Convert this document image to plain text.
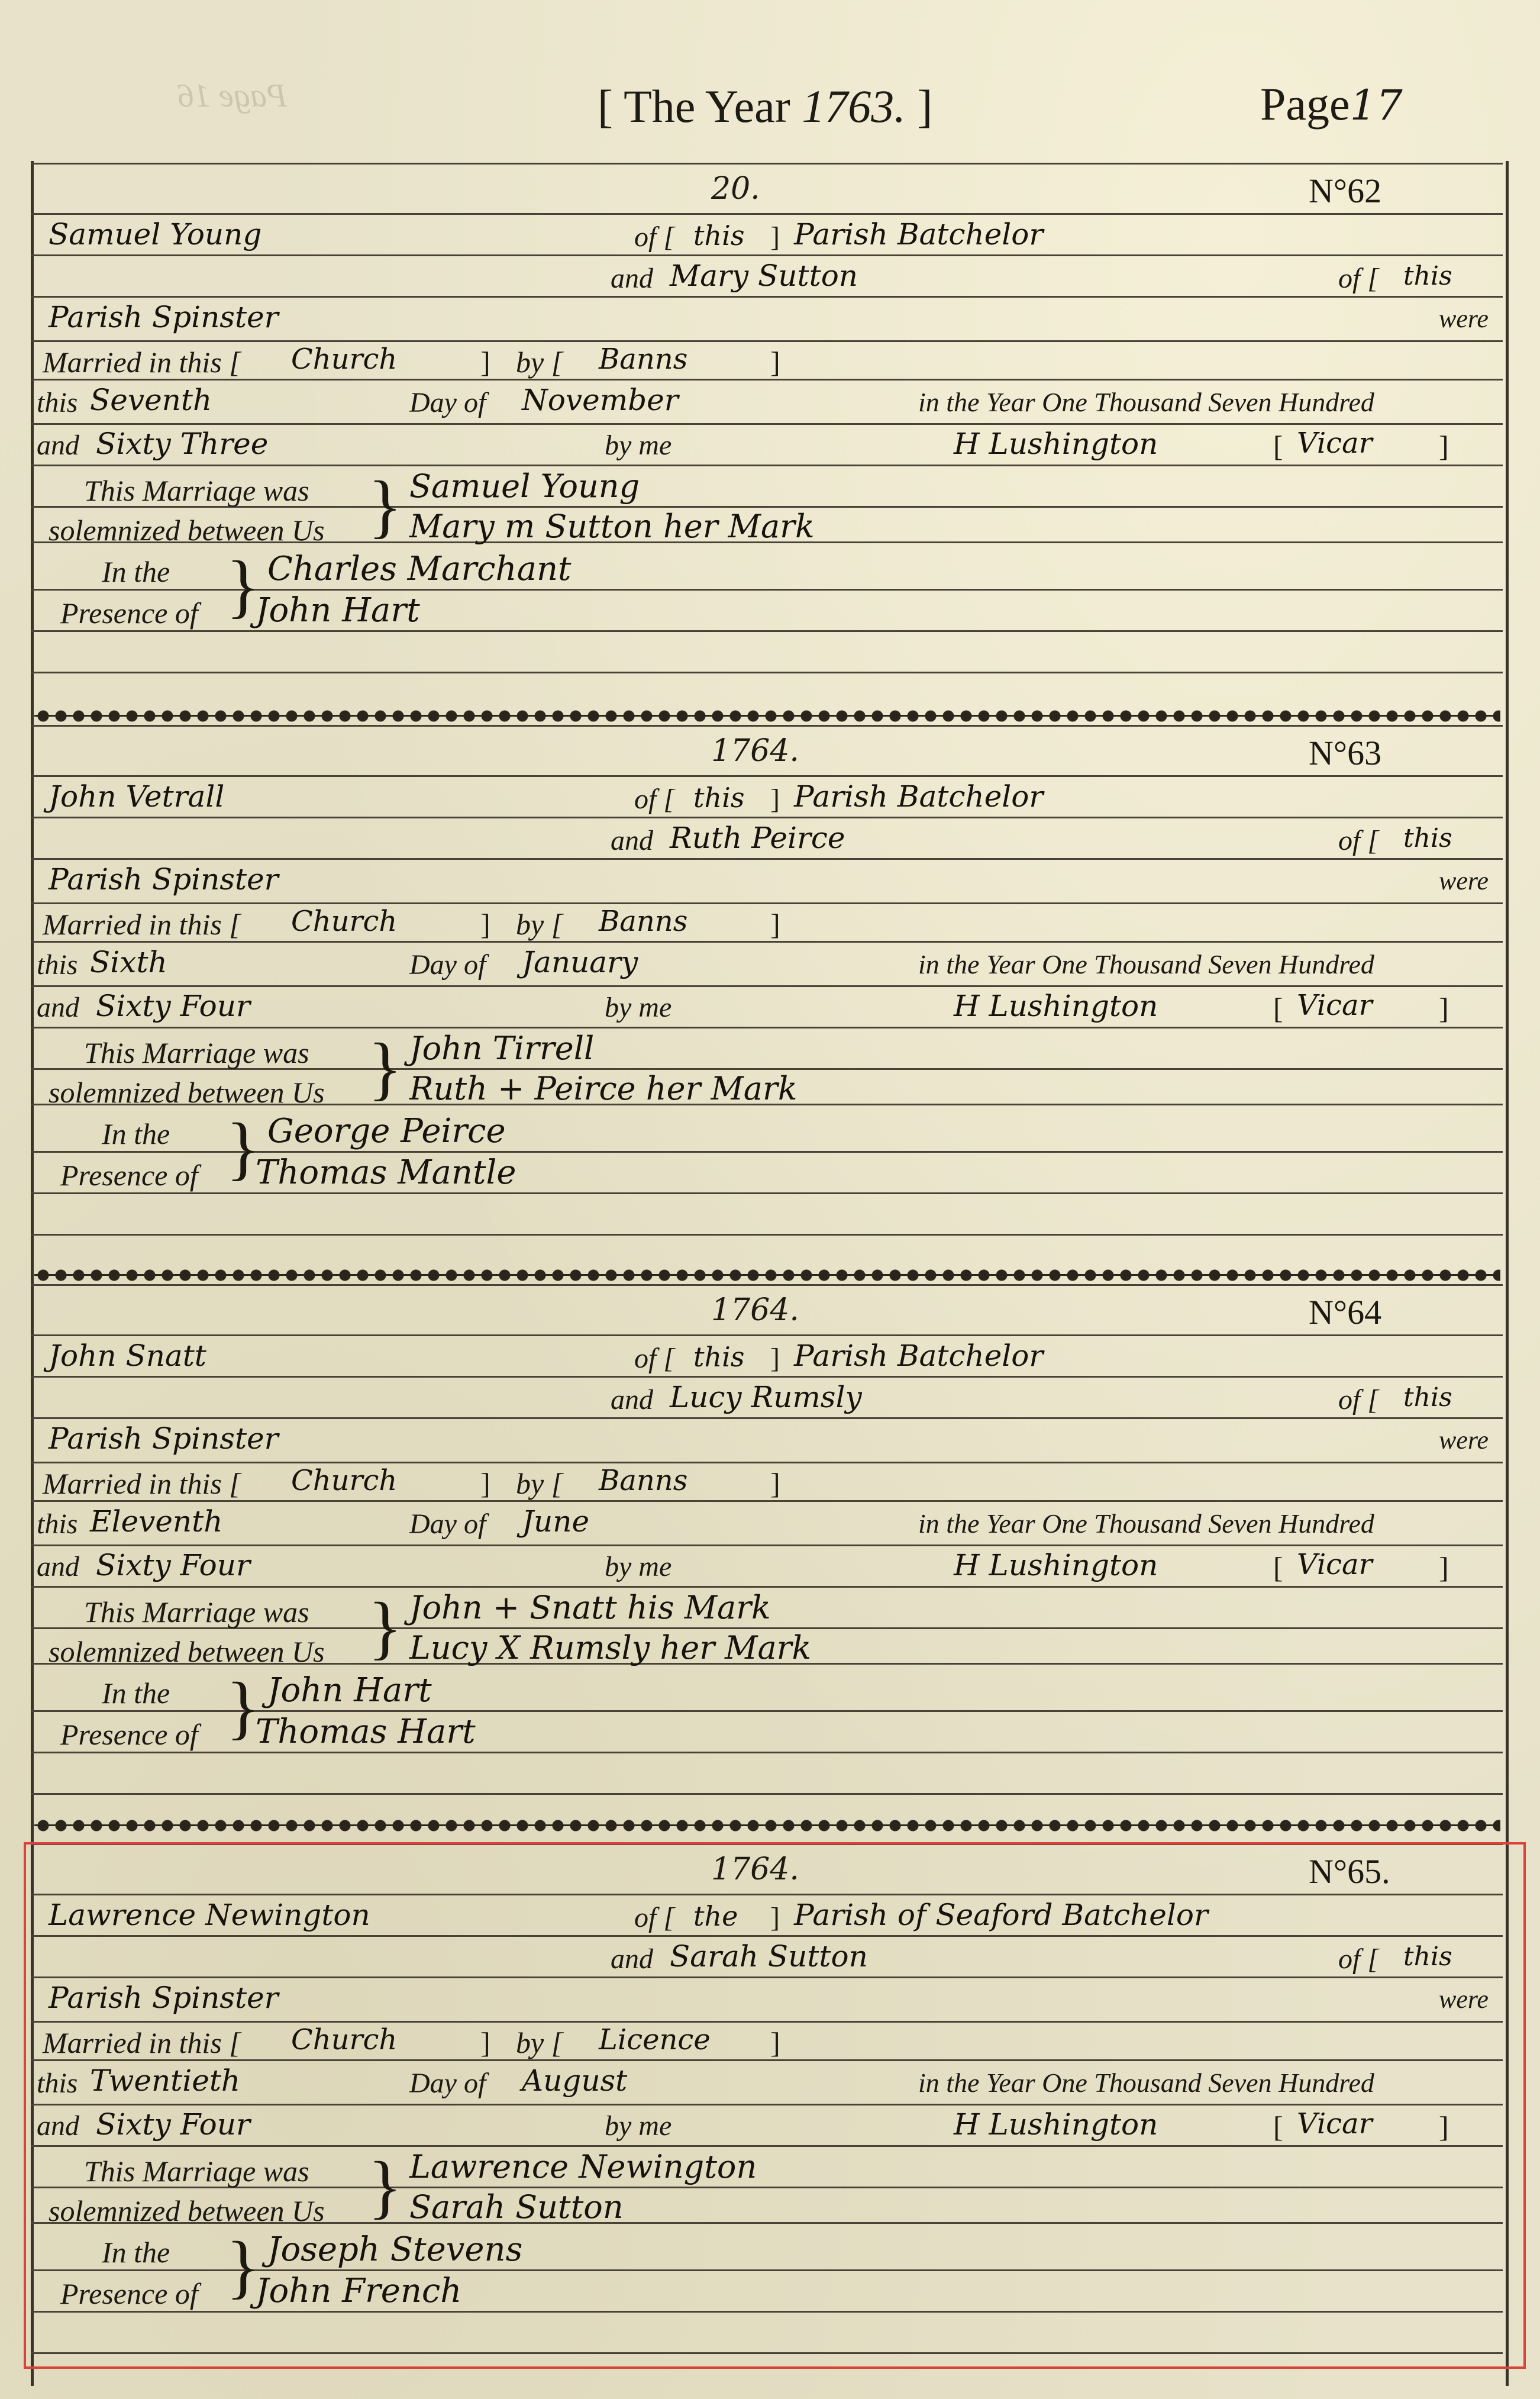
Page 16	[ The Year 1763. ]	Page17
20.	N°62
Samuel Young	of [ this ] Parish Batchelor
and Mary Sutton	of [ this
Parish Spinster	were
Married in this [ Church	] by [ Banns	]
this Seventh	Day of November	in the Year One Thousand Seven Hundred
and Sixty Three	by me	H Lushington	[ Vicar ]
This Marriage was
solemnized between Us } Samuel Young
Mary m Sutton her Mark
In the
Presence of } Charles Marchant
John Hart
1764.	N°63
John Vetrall	of [ this ] Parish Batchelor
and Ruth Peirce	of [ this
Parish Spinster	were
Married in this [ Church	] by [ Banns	]
this Sixth	Day of January	in the Year One Thousand Seven Hundred
and Sixty Four	by me	H Lushington	[ Vicar ]
This Marriage was
solemnized between Us } John Tirrell
Ruth + Peirce her Mark
In the
Presence of } George Peirce
Thomas Mantle
1764.	N°64
John Snatt	of [ this ] Parish Batchelor
and Lucy Rumsly	of [ this
Parish Spinster	were
Married in this [ Church	] by [ Banns	]
this Eleventh	Day of June	in the Year One Thousand Seven Hundred
and Sixty Four	by me	H Lushington	[ Vicar ]
This Marriage was
solemnized between Us } John + Snatt his Mark
Lucy X Rumsly her Mark
In the
Presence of } John Hart
Thomas Hart
1764.	N°65.
Lawrence Newington	of [ the ] Parish of Seaford Batchelor
and Sarah Sutton	of [ this
Parish Spinster	were
Married in this [ Church	] by [ Licence ]
this Twentieth	Day of August	in the Year One Thousand Seven Hundred
and Sixty Four	by me	H Lushington	[ Vicar ]
This Marriage was
solemnized between Us } Lawrence Newington
Sarah Sutton
In the
Presence of } Joseph Stevens
John French
